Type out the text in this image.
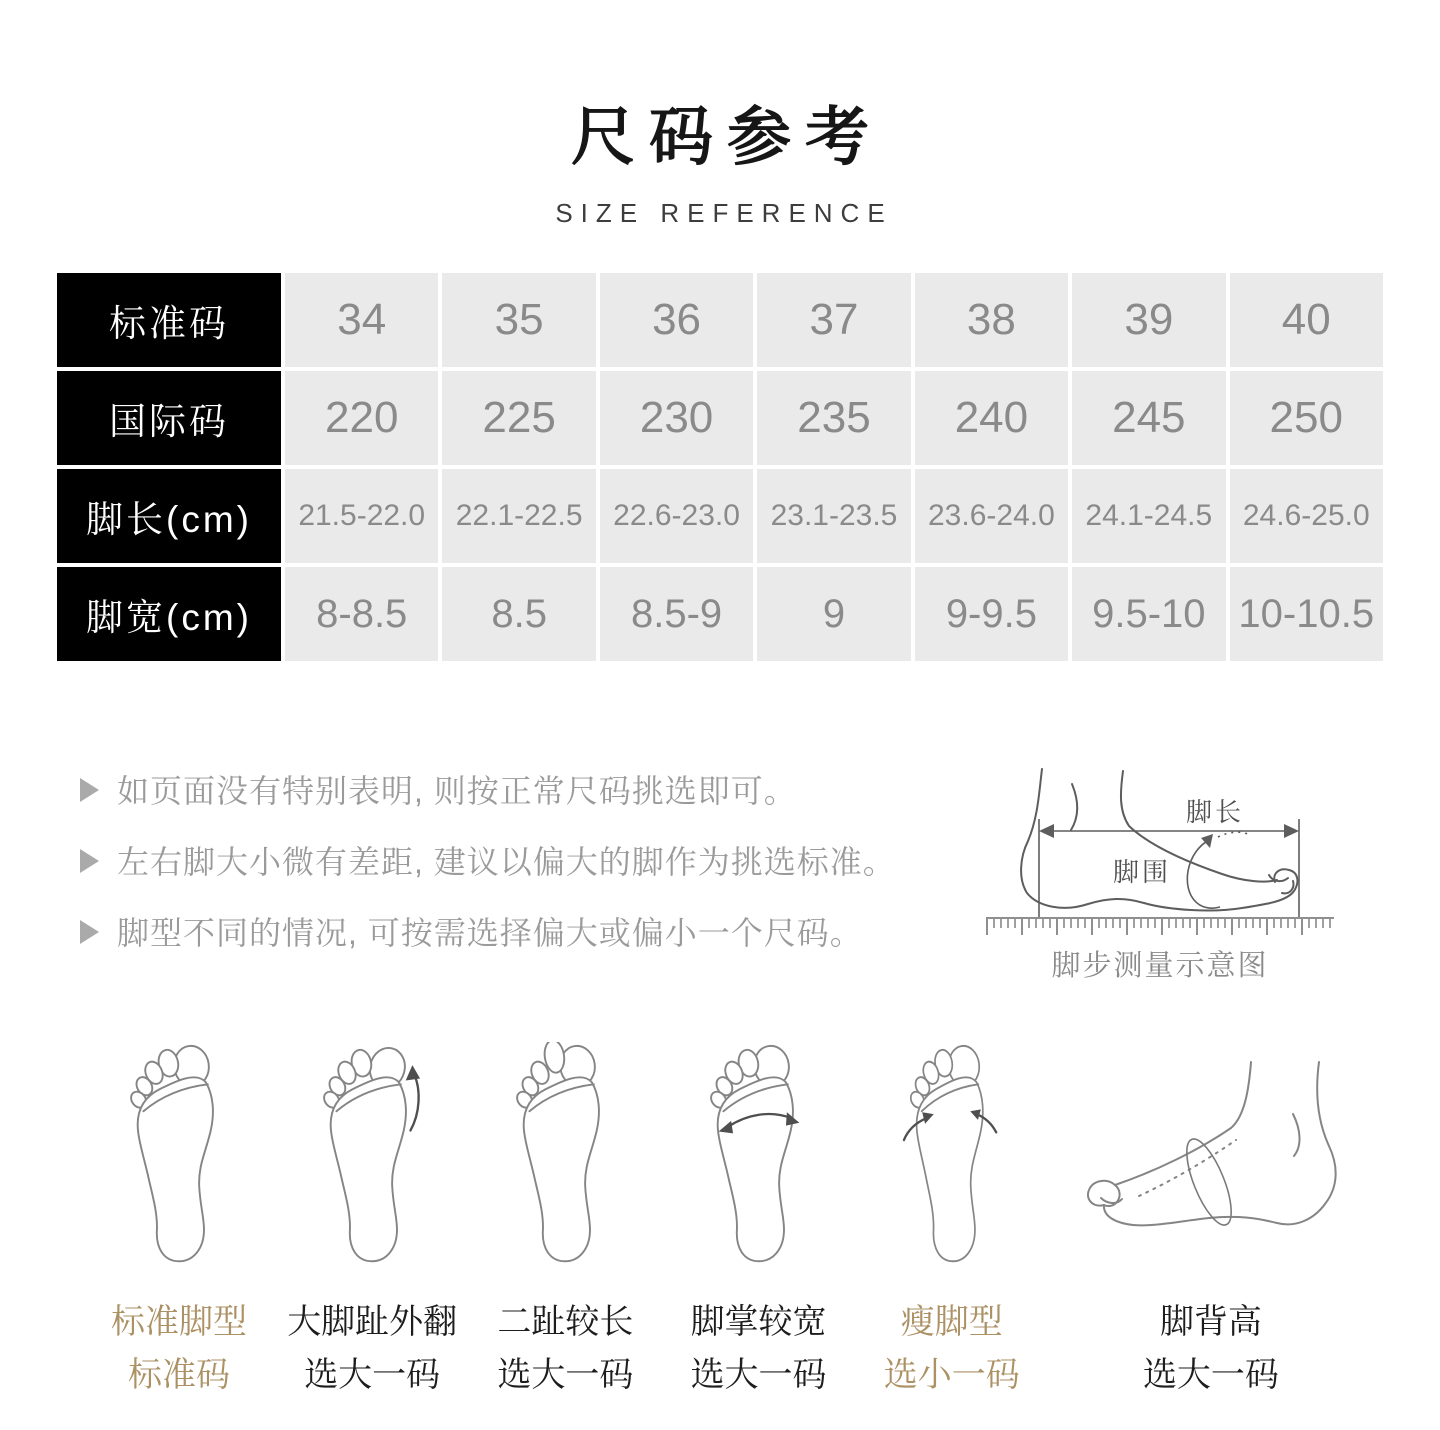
尺码参考
SIZE REFERENCE
标准码	34	35	36	37	38	39	40
国际码	220	225	230	235	240	245	250
脚长(cm)	21.5-22.0	22.1-22.5	22.6-23.0	23.1-23.5	23.6-24.0	24.1-24.5	24.6-25.0
脚宽(cm)	8-8.5	8.5	8.5-9	9	9-9.5	9.5-10	10-10.5
如页面没有特别表明, 则按正常尺码挑选即可。
左右脚大小微有差距, 建议以偏大的脚作为挑选标准。
脚型不同的情况, 可按需选择偏大或偏小一个尺码。
脚长
脚围
脚步测量示意图
标准脚型
标准码
大脚趾外翻
选大一码
二趾较长
选大一码
脚掌较宽
选大一码
瘦脚型
选小一码
脚背高
选大一码
